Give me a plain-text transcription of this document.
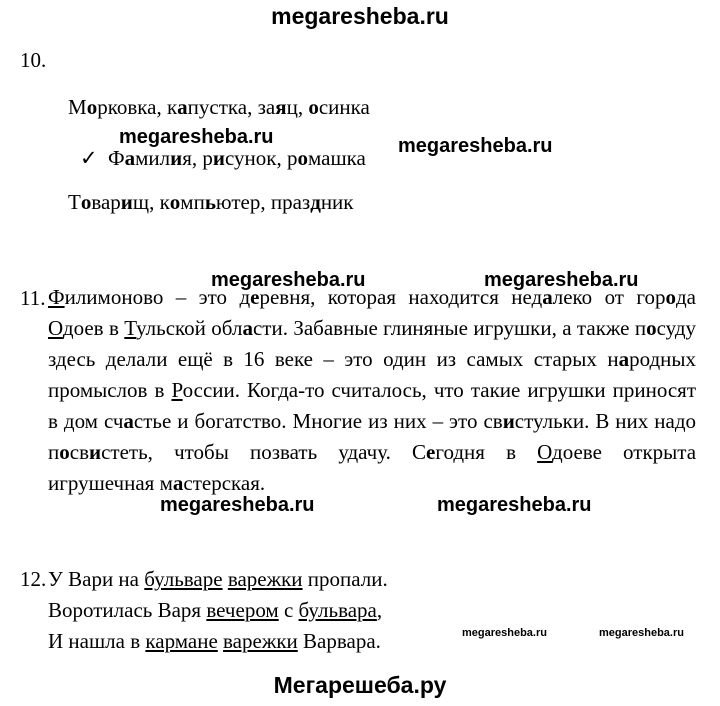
megaresheba.ru
10.
Морковка, капустка, заяц, осинка
megaresheba.ru
✓ Фамилия, рисунок, ромашка megaresheba.ru
Товарищ, компьютер, праздник
megaresheba.ru	megaresheba.ru
11. Филимоново – это деревня, которая находится недалеко от города Одоев в Тульской области. Забавные глиняные игрушки, а также посуду здесь делали ещё в 16 веке – это один из самых старых народных промыслов в России. Когда-то считалось, что такие игрушки приносят в дом счастье и богатство. Многие из них – это свистульки. В них надо посвистеть, чтобы позвать удачу. Сегодня в Одоеве открыта игрушечная мастерская.
megaresheba.ru	megaresheba.ru
12. У Вари на бульваре варежки пропали.
Воротилась Варя вечером с бульвара,
И нашла в кармане варежки Варвара.	megaresheba.ru	megaresheba.ru
Мегарешеба.ру
